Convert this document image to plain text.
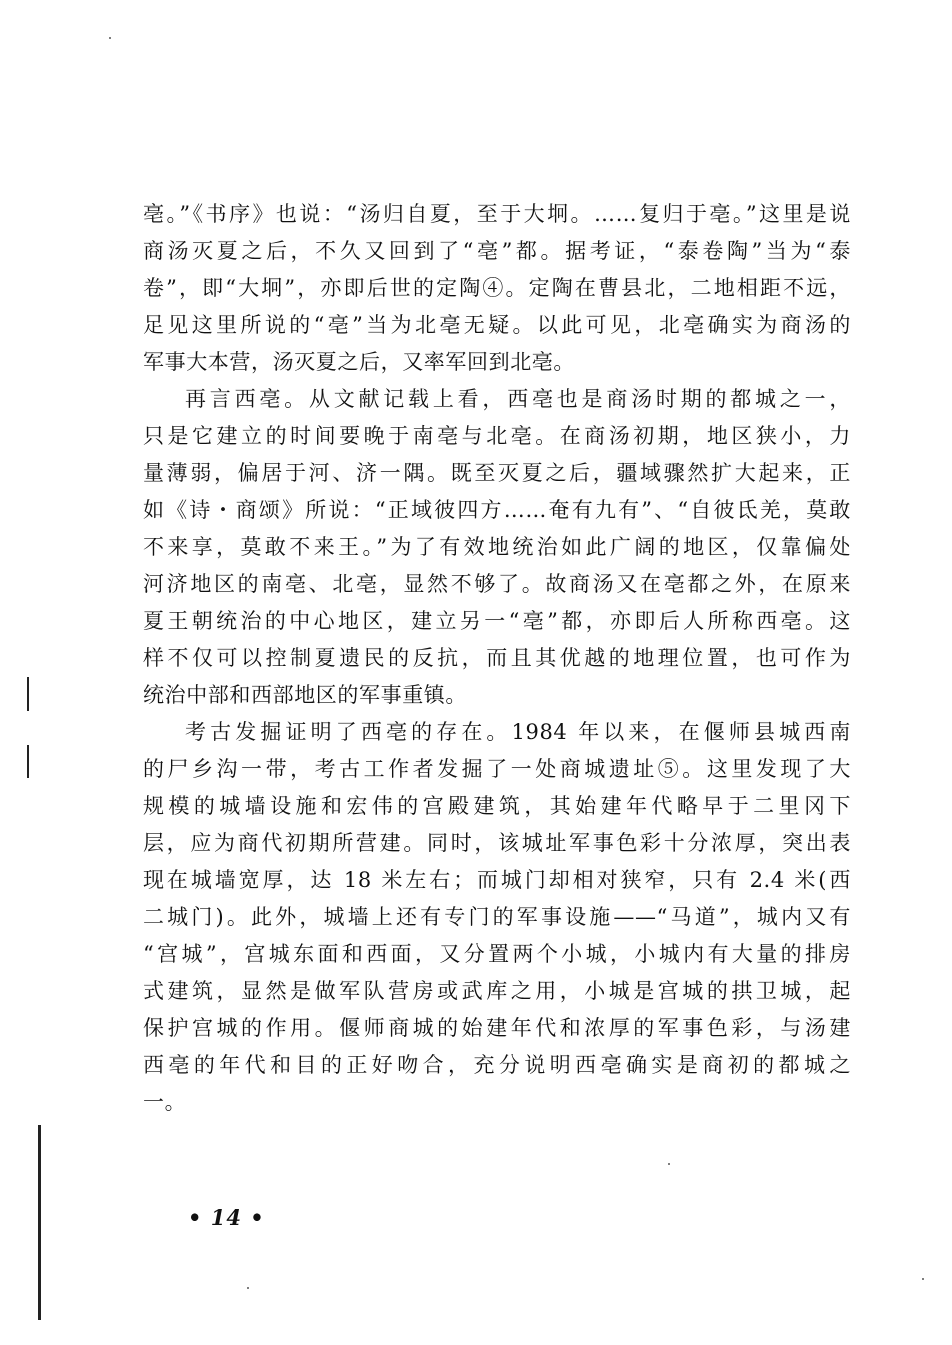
亳。”《书序》也说：“汤归自夏，至于大坰。……复归于亳。”这里是说
商汤灭夏之后，不久又回到了“亳”都。据考证，“泰卷陶”当为“泰
卷”，即“大坰”，亦即后世的定陶④。定陶在曹县北，二地相距不远，
足见这里所说的“亳”当为北亳无疑。以此可见，北亳确实为商汤的
军事大本营，汤灭夏之后，又率军回到北亳。
再言西亳。从文献记载上看，西亳也是商汤时期的都城之一，
只是它建立的时间要晚于南亳与北亳。在商汤初期，地区狭小，力
量薄弱，偏居于河、济一隅。既至灭夏之后，疆域骤然扩大起来，正
如《诗・商颂》所说：“正域彼四方……奄有九有”、“自彼氐羌，莫敢
不来享，莫敢不来王。”为了有效地统治如此广阔的地区，仅靠偏处
河济地区的南亳、北亳，显然不够了。故商汤又在亳都之外，在原来
夏王朝统治的中心地区，建立另一“亳”都，亦即后人所称西亳。这
样不仅可以控制夏遗民的反抗，而且其优越的地理位置，也可作为
统治中部和西部地区的军事重镇。
考古发掘证明了西亳的存在。1984 年以来，在偃师县城西南
的尸乡沟一带，考古工作者发掘了一处商城遗址⑤。这里发现了大
规模的城墙设施和宏伟的宫殿建筑，其始建年代略早于二里冈下
层，应为商代初期所营建。同时，该城址军事色彩十分浓厚，突出表
现在城墙宽厚，达 18 米左右；而城门却相对狭窄，只有 2.4 米(西
二城门)。此外，城墙上还有专门的军事设施——“马道”，城内又有
“宫城”，宫城东面和西面，又分置两个小城，小城内有大量的排房
式建筑，显然是做军队营房或武库之用，小城是宫城的拱卫城，起
保护宫城的作用。偃师商城的始建年代和浓厚的军事色彩，与汤建
西亳的年代和目的正好吻合，充分说明西亳确实是商初的都城之
一。
• 14 •
